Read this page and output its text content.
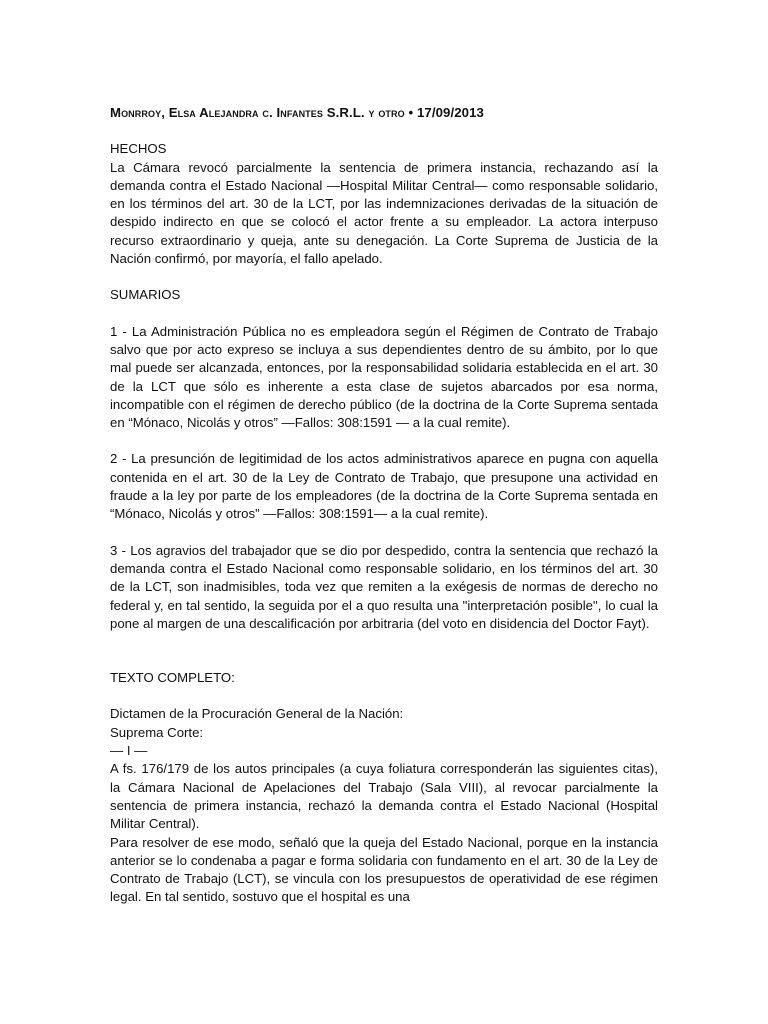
Monrroy, Elsa Alejandra c. Infantes S.R.L. y otro • 17/09/2013
HECHOS

La Cámara revocó parcialmente la sentencia de primera instancia, rechazando así la demanda contra el Estado Nacional —Hospital Militar Central— como responsable solidario, en los términos del art. 30 de la LCT, por las indemnizaciones derivadas de la situación de despido indirecto en que se colocó el actor frente a su empleador. La actora interpuso recurso extraordinario y queja, ante su denegación. La Corte Suprema de Justicia de la Nación confirmó, por mayoría, el fallo apelado.

SUMARIOS

1 - La Administración Pública no es empleadora según el Régimen de Contrato de Trabajo salvo que por acto expreso se incluya a sus dependientes dentro de su ámbito, por lo que mal puede ser alcanzada, entonces, por la responsabilidad solidaria establecida en el art. 30 de la LCT que sólo es inherente a esta clase de sujetos abarcados por esa norma, incompatible con el régimen de derecho público (de la doctrina de la Corte Suprema sentada en “Mónaco, Nicolás y otros” —Fallos: 308:1591 — a la cual remite).

2 - La presunción de legitimidad de los actos administrativos aparece en pugna con aquella contenida en el art. 30 de la Ley de Contrato de Trabajo, que presupone una actividad en fraude a la ley por parte de los empleadores (de la doctrina de la Corte Suprema sentada en “Mónaco, Nicolás y otros” —Fallos: 308:1591— a la cual remite).

3 - Los agravios del trabajador que se dio por despedido, contra la sentencia que rechazó la demanda contra el Estado Nacional como responsable solidario, en los términos del art. 30 de la LCT, son inadmisibles, toda vez que remiten a la exégesis de normas de derecho no federal y, en tal sentido, la seguida por el a quo resulta una "interpretación posible", lo cual la pone al margen de una descalificación por arbitraria (del voto en disidencia del Doctor Fayt).

TEXTO COMPLETO:
Dictamen de la Procuración General de la Nación:
Suprema Corte:
— I —

A fs. 176/179 de los autos principales (a cuya foliatura corresponderán las siguientes citas), la Cámara Nacional de Apelaciones del Trabajo (Sala VIII), al revocar parcialmente la sentencia de primera instancia, rechazó la demanda contra el Estado Nacional (Hospital Militar Central).

Para resolver de ese modo, señaló que la queja del Estado Nacional, porque en la instancia anterior se lo condenaba a pagar e forma solidaria con fundamento en el art. 30 de la Ley de Contrato de Trabajo (LCT), se vincula con los presupuestos de operatividad de ese régimen legal. En tal sentido, sostuvo que el hospital es una
